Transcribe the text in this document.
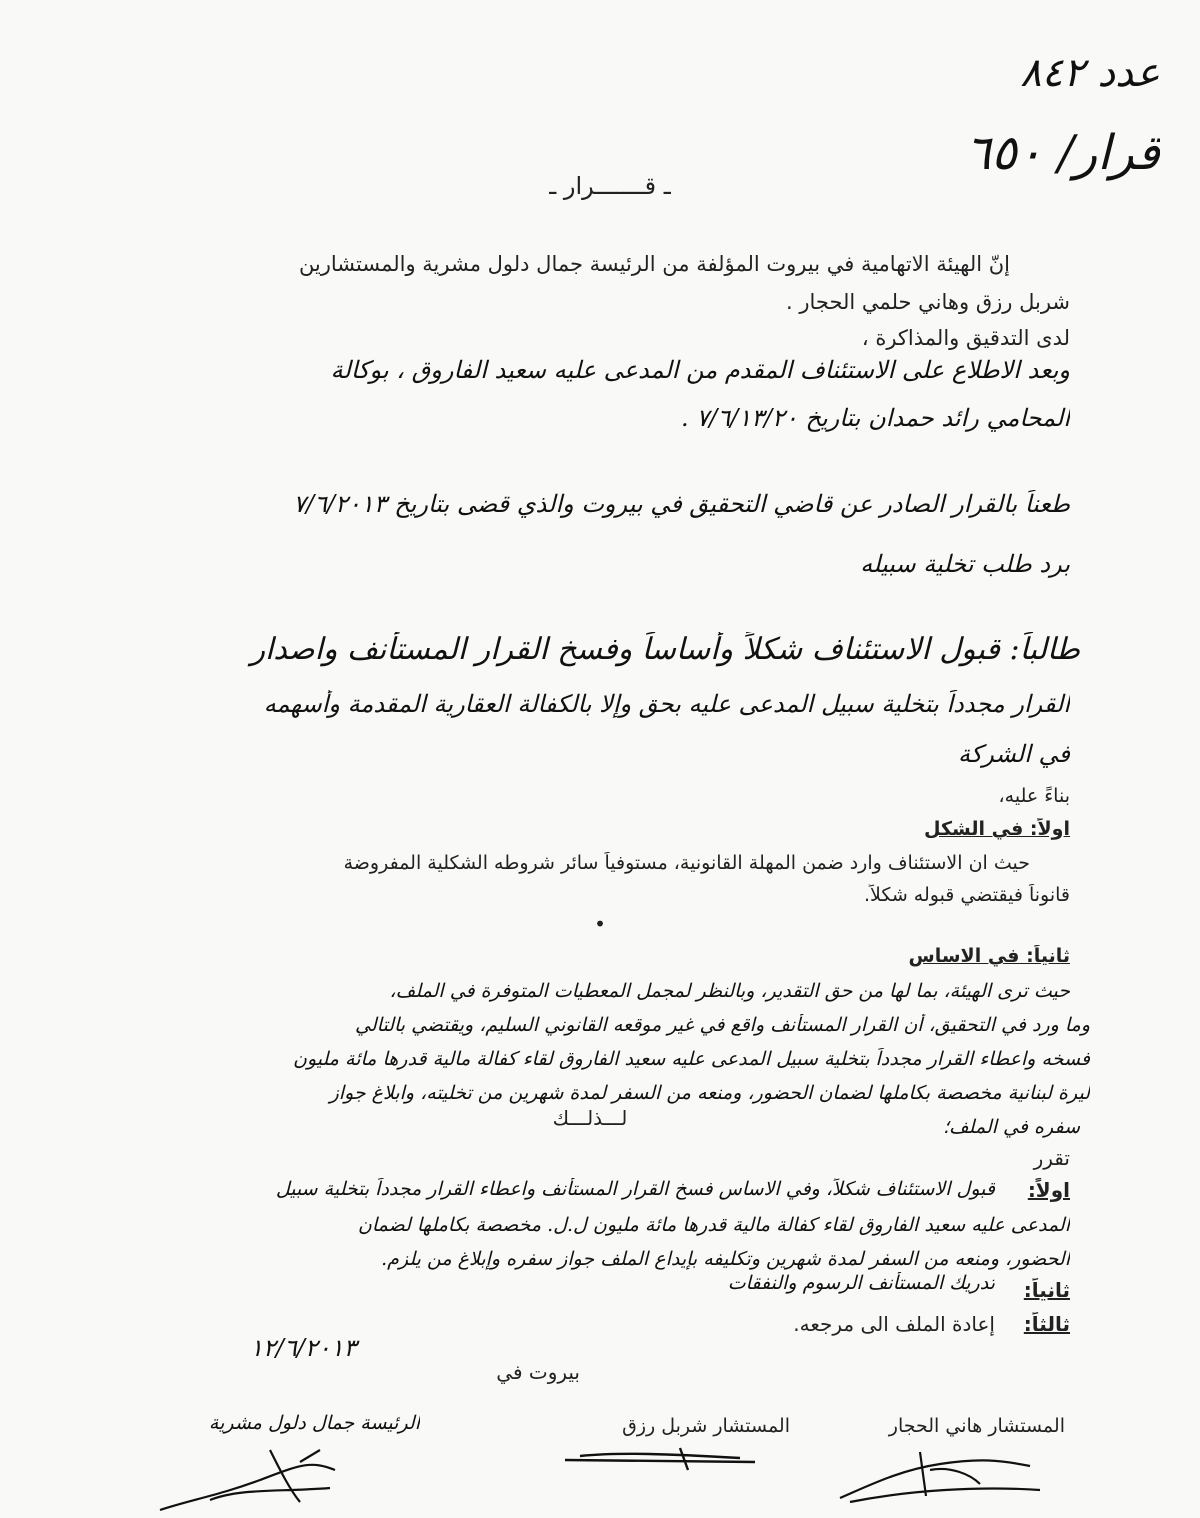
عدد ٨٤٢
قرار/ ٦٥٠
ـ قـــــــرار ـ
إنّ الهيئة الاتهامية في بيروت المؤلفة من الرئيسة جمال دلول مشرية والمستشارين
شربل رزق وهاني حلمي الحجار .
لدى التدقيق والمذاكرة ،
وبعد الاطلاع على الاستئناف المقدم من المدعى عليه سعيد الفاروق ، بوكالة
المحامي رائد حمدان بتاريخ ٧/٦/١٣/٢٠ .
طعناً بالقرار الصادر عن قاضي التحقيق في بيروت والذي قضى بتاريخ ٧/٦/٢٠١٣
برد طلب تخلية سبيله
طالباً: قبول الاستئناف شكلاً وأساساً وفسخ القرار المستأنف واصدار
القرار مجدداً بتخلية سبيل المدعى عليه بحق وإلا بالكفالة العقارية المقدمة وأسهمه
في الشركة
بناءً عليه،
اولاً: في الشكل
حيث ان الاستئناف وارد ضمن المهلة القانونية، مستوفياً سائر شروطه الشكلية المفروضة
قانوناً فيقتضي قبوله شكلاً.
•
ثانياً: في الاساس
حيث ترى الهيئة، بما لها من حق التقدير، وبالنظر لمجمل المعطيات المتوفرة في الملف،
وما ورد في التحقيق، أن القرار المستأنف واقع في غير موقعه القانوني السليم، ويقتضي بالتالي
فسخه واعطاء القرار مجدداً بتخلية سبيل المدعى عليه سعيد الفاروق لقاء كفالة مالية قدرها مائة مليون
ليرة لبنانية مخصصة بكاملها لضمان الحضور، ومنعه من السفر لمدة شهرين من تخليته، وابلاغ جواز
سفره في الملف؛
لـــذلـــك
تقرر
اولاً:
قبول الاستئناف شكلاً، وفي الاساس فسخ القرار المستأنف واعطاء القرار مجدداً بتخلية سبيل
المدعى عليه سعيد الفاروق لقاء كفالة مالية قدرها مائة مليون ل.ل. مخصصة بكاملها لضمان
الحضور، ومنعه من السفر لمدة شهرين وتكليفه بإيداع الملف جواز سفره وإبلاغ من يلزم.
ثانياً:
تدريك المستأنف الرسوم والنفقات
ثالثاً:
إعادة الملف الى مرجعه.
١٢/٦/٢٠١٣
بيروت في
المستشار هاني الحجار
المستشار شربل رزق
الرئيسة جمال دلول مشرية
